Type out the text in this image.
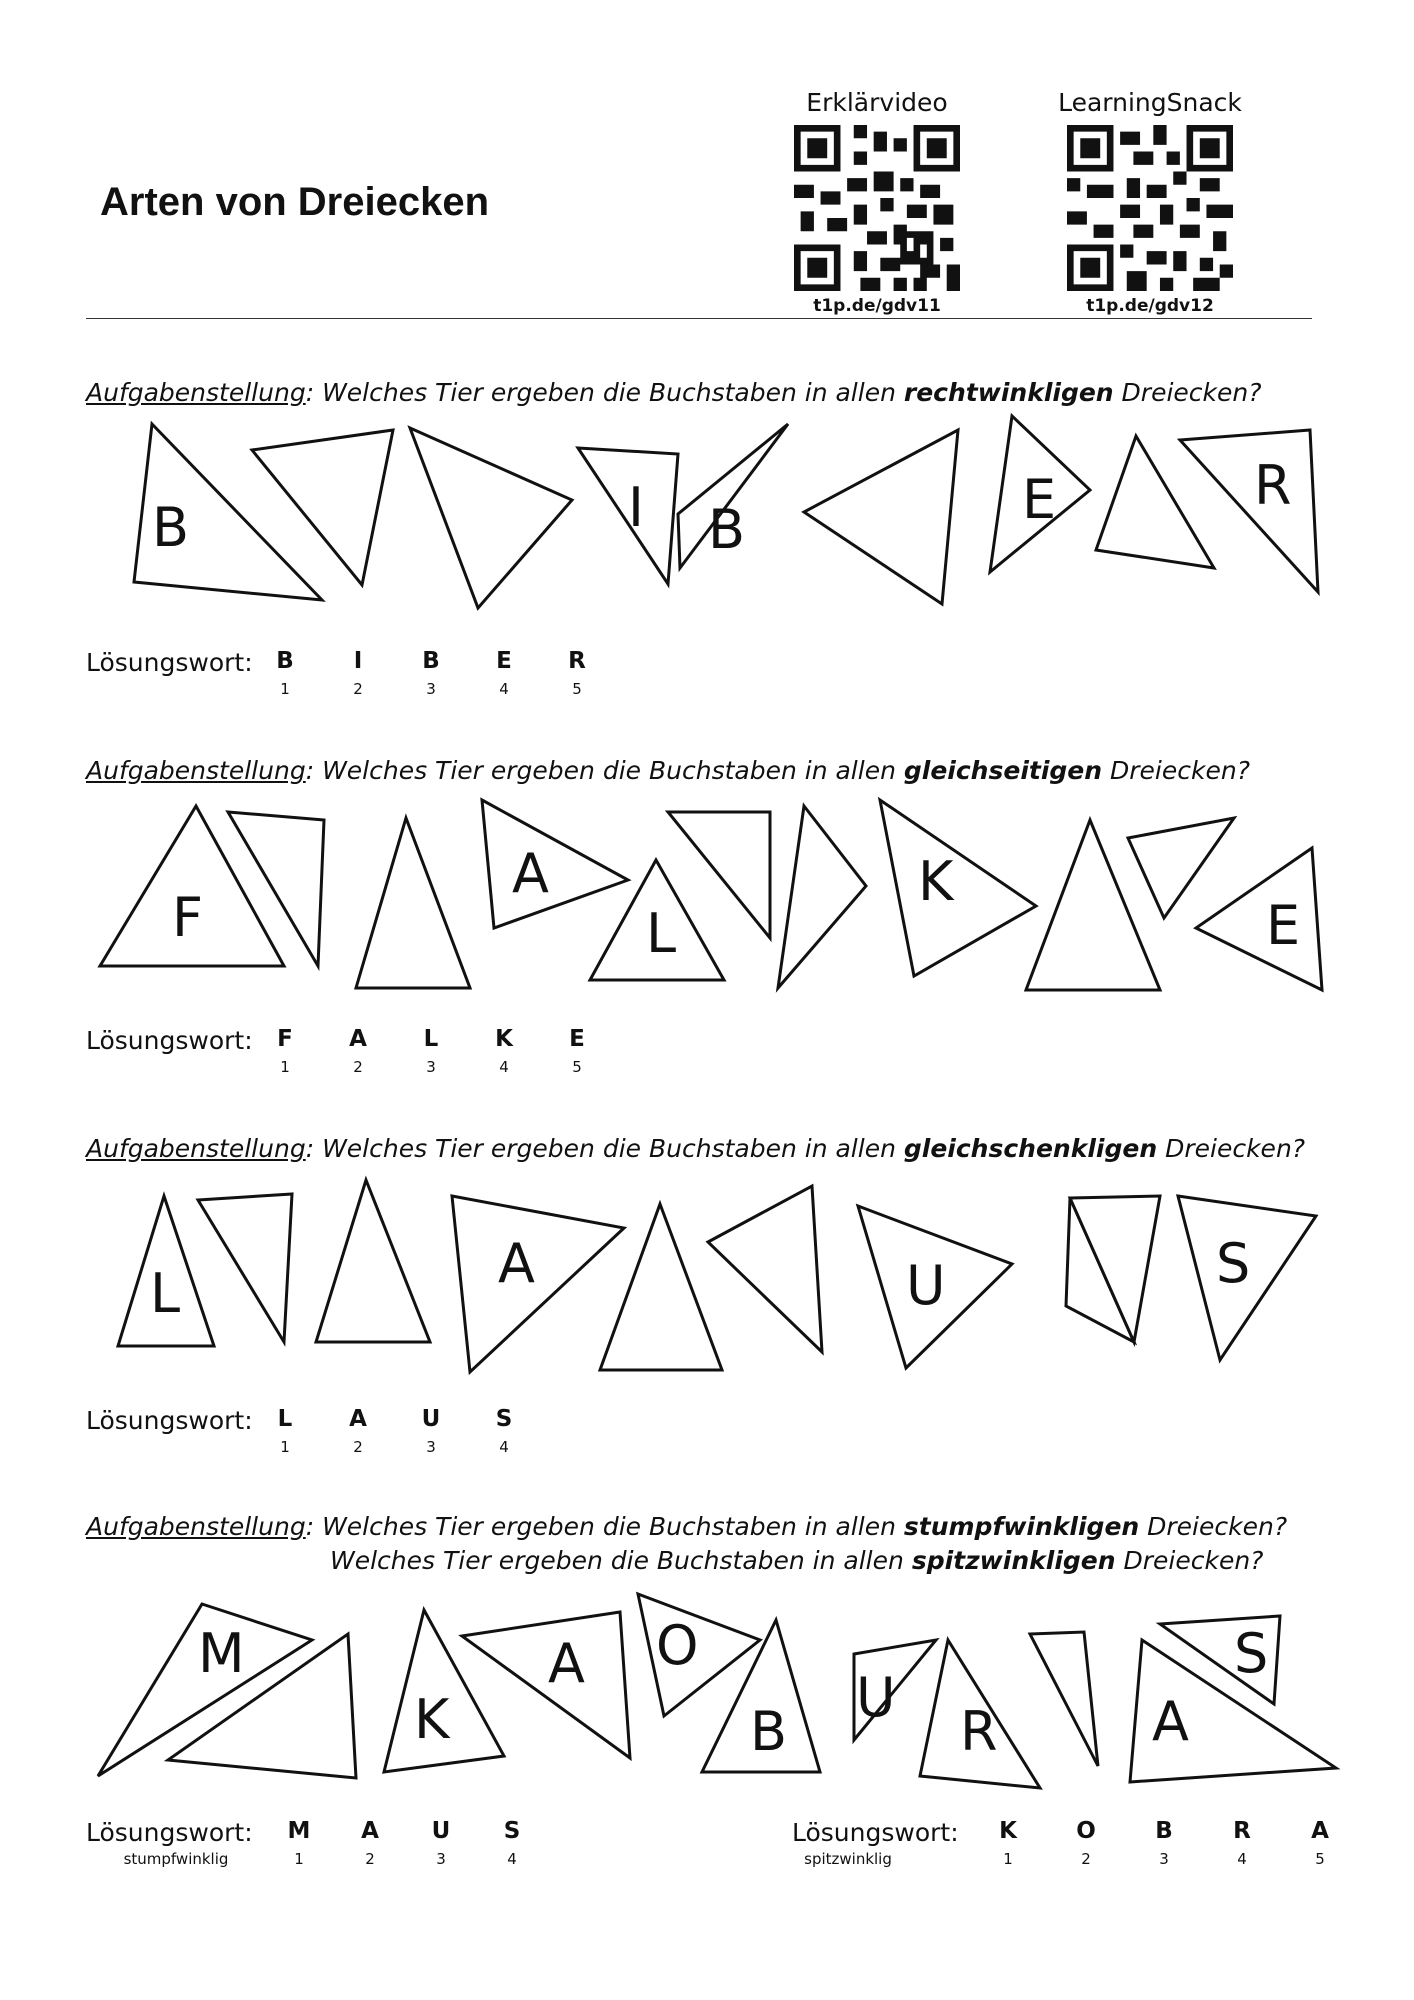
Arten von Dreiecken
Erklärvideo
t1p.de/gdv11
LearningSnack
t1p.de/gdv12
Aufgabenstellung: Welches Tier ergeben die Buchstaben in allen rechtwinkligen Dreiecken?
B	I B	E	R
Lösungswort: B	I	B	E	R
1	2	3	4	5
Aufgabenstellung: Welches Tier ergeben die Buchstaben in allen gleichseitigen Dreiecken?
F
A
L
K
E
Lösungswort:	F	A	L	K	E
1	2	3	4	5
Aufgabenstellung: Welches Tier ergeben die Buchstaben in allen gleichschenkligen Dreiecken?
L	A	U	S
Lösungswort:	L	A U S
1	2	3	4
Aufgabenstellung: Welches Tier ergeben die Buchstaben in allen stumpfwinkligen Dreiecken?
Welches Tier ergeben die Buchstaben in allen spitzwinkligen Dreiecken?
M
K
A O
B
U
R	A
S
Lösungswort:
stumpfwinklig
M A U S
1	2	3	4
Lösungswort:
spitzwinklig
K	O	B	R	A
1	2	3	4	5
